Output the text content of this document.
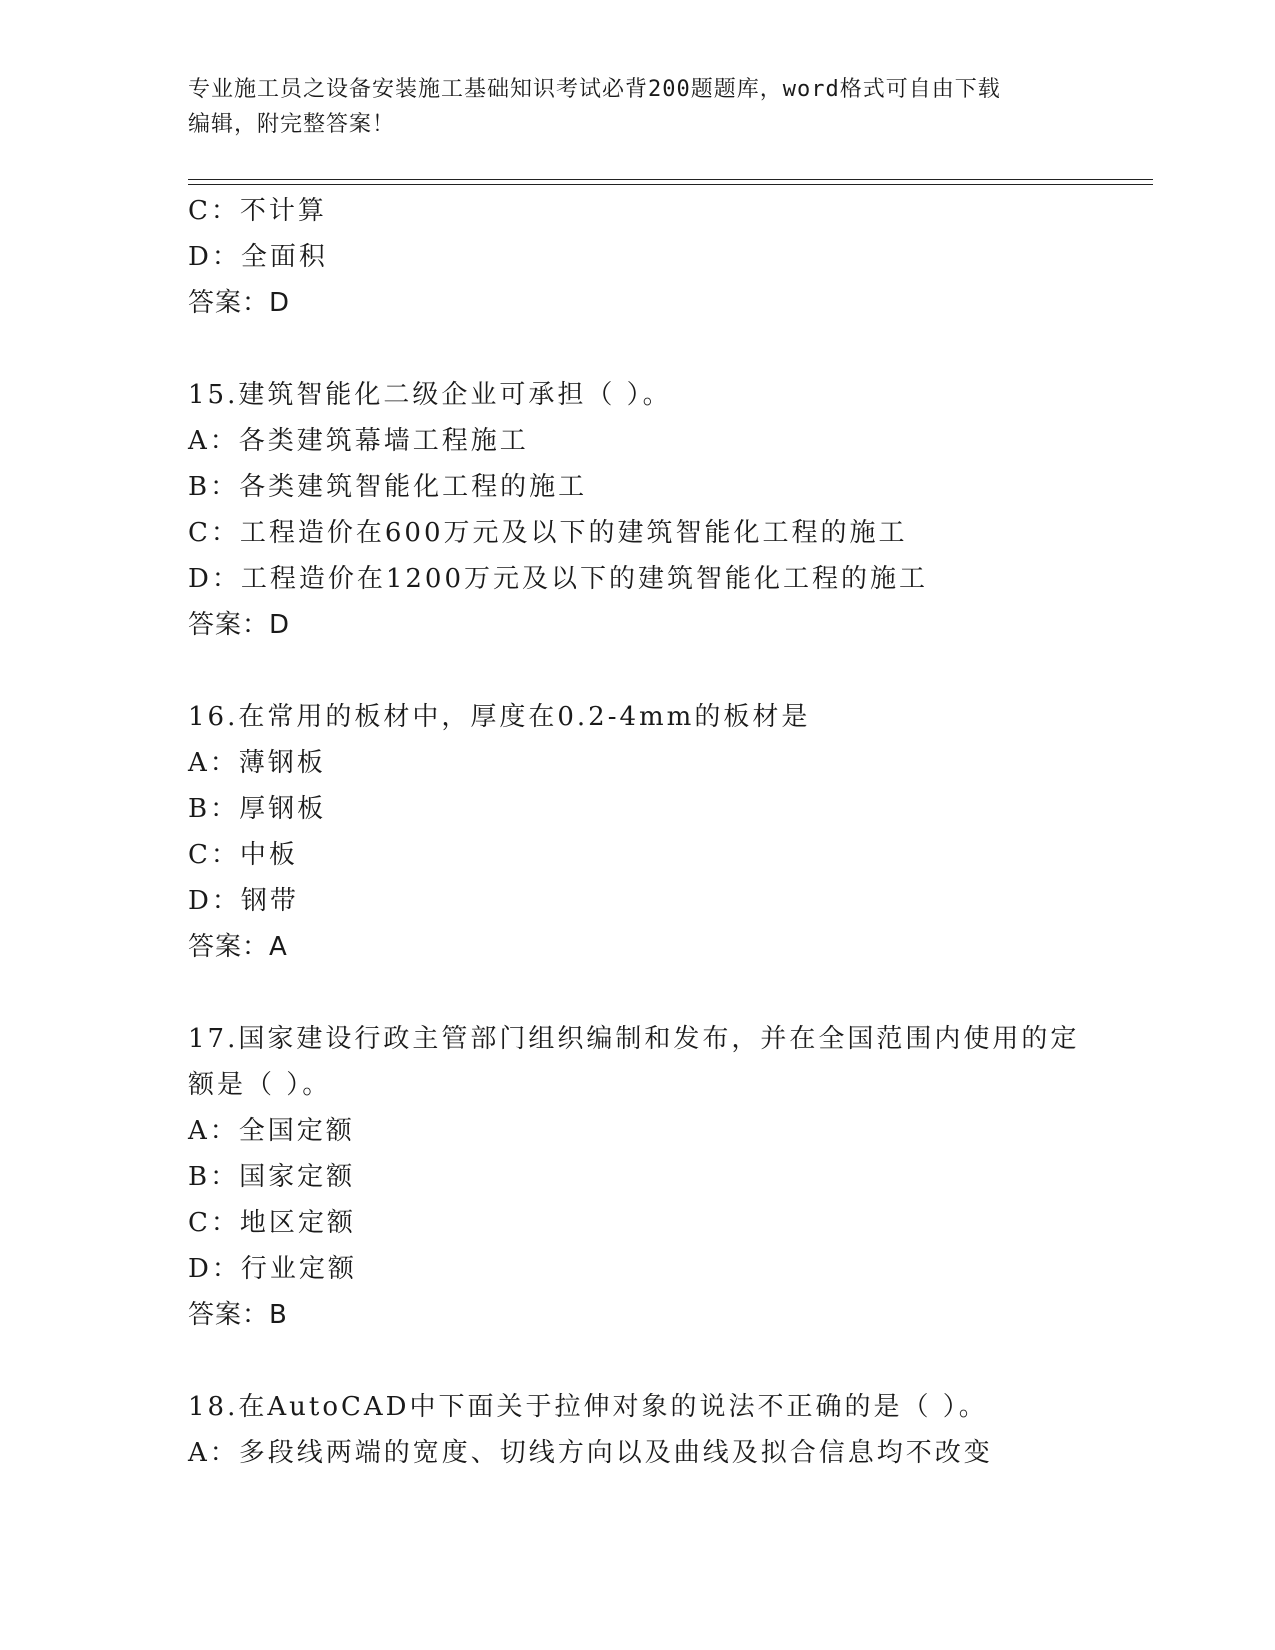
专业施工员之设备安装施工基础知识考试必背200题题库，word格式可自由下载
编辑，附完整答案！
C：不计算
D：全面积
答案：D
15.建筑智能化二级企业可承担（ ）。
A：各类建筑幕墙工程施工
B：各类建筑智能化工程的施工
C：工程造价在600万元及以下的建筑智能化工程的施工
D：工程造价在1200万元及以下的建筑智能化工程的施工
答案：D
16.在常用的板材中，厚度在0.2-4mm的板材是
A：薄钢板
B：厚钢板
C：中板
D：钢带
答案：A
17.国家建设行政主管部门组织编制和发布，并在全国范围内使用的定
额是（ ）。
A：全国定额
B：国家定额
C：地区定额
D：行业定额
答案：B
18.在AutoCAD中下面关于拉伸对象的说法不正确的是（ ）。
A：多段线两端的宽度、切线方向以及曲线及拟合信息均不改变
